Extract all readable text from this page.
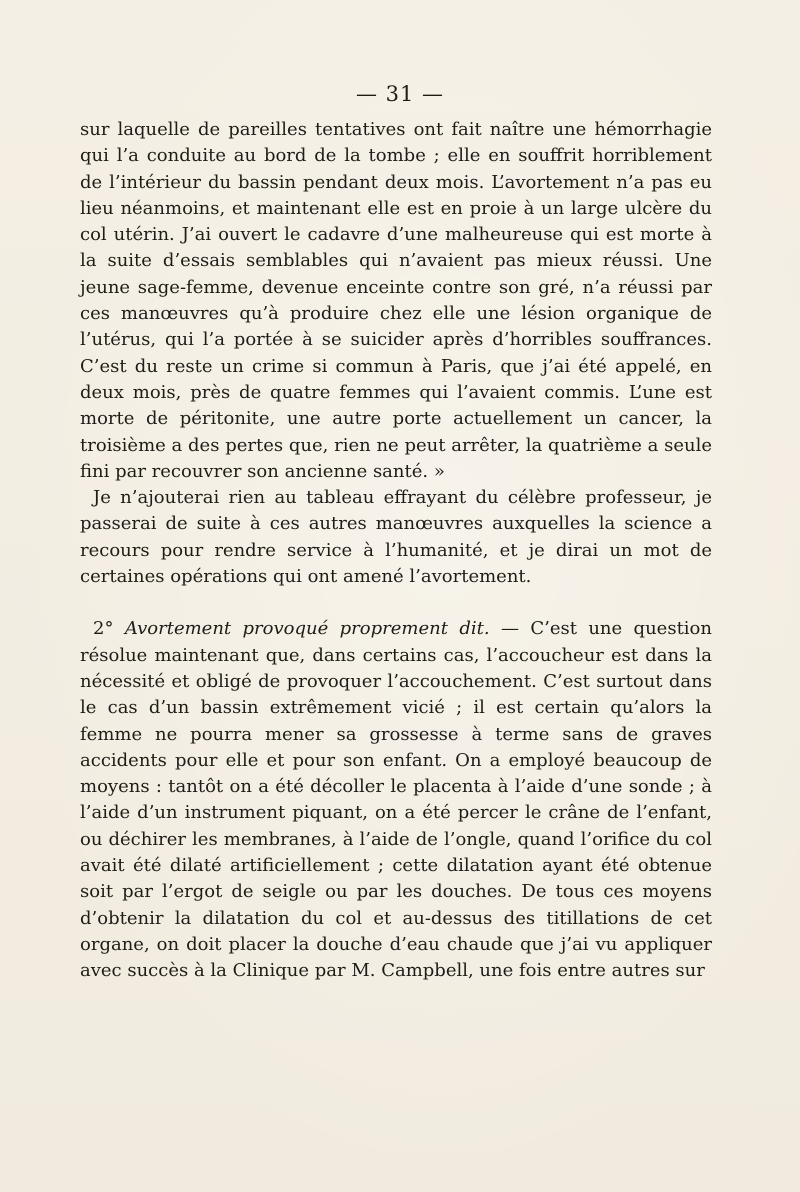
— 31 —

sur laquelle de pareilles tentatives ont fait naître une hémorrhagie qui l’a conduite au bord de la tombe ; elle en souffrit horriblement de l’intérieur du bassin pendant deux mois. L’avortement n’a pas eu lieu néanmoins, et maintenant elle est en proie à un large ulcère du col utérin. J’ai ouvert le cadavre d’une malheureuse qui est morte à la suite d’essais semblables qui n’avaient pas mieux réussi. Une jeune sage-femme, devenue enceinte contre son gré, n’a réussi par ces manœuvres qu’à produire chez elle une lésion organique de l’utérus, qui l’a portée à se suicider après d’horribles souffrances. C’est du reste un crime si commun à Paris, que j’ai été appelé, en deux mois, près de quatre femmes qui l’avaient commis. L’une est morte de péritonite, une autre porte actuellement un cancer, la troisième a des pertes que, rien ne peut arrêter, la quatrième a seule fini par recouvrer son ancienne santé. »

Je n’ajouterai rien au tableau effrayant du célèbre professeur, je passerai de suite à ces autres manœuvres auxquelles la science a recours pour rendre service à l’humanité, et je dirai un mot de certaines opérations qui ont amené l’avortement.

2° Avortement provoqué proprement dit. — C’est une question résolue maintenant que, dans certains cas, l’accoucheur est dans la nécessité et obligé de provoquer l’accouchement. C’est surtout dans le cas d’un bassin extrêmement vicié ; il est certain qu’alors la femme ne pourra mener sa grossesse à terme sans de graves accidents pour elle et pour son enfant. On a employé beaucoup de moyens : tantôt on a été décoller le placenta à l’aide d’une sonde ; à l’aide d’un instrument piquant, on a été percer le crâne de l’enfant, ou déchirer les membranes, à l’aide de l’ongle, quand l’orifice du col avait été dilaté artificiellement ; cette dilatation ayant été obtenue soit par l’ergot de seigle ou par les douches. De tous ces moyens d’obtenir la dilatation du col et au-dessus des titillations de cet organe, on doit placer la douche d’eau chaude que j’ai vu appliquer avec succès à la Clinique par M. Campbell, une fois entre autres sur
